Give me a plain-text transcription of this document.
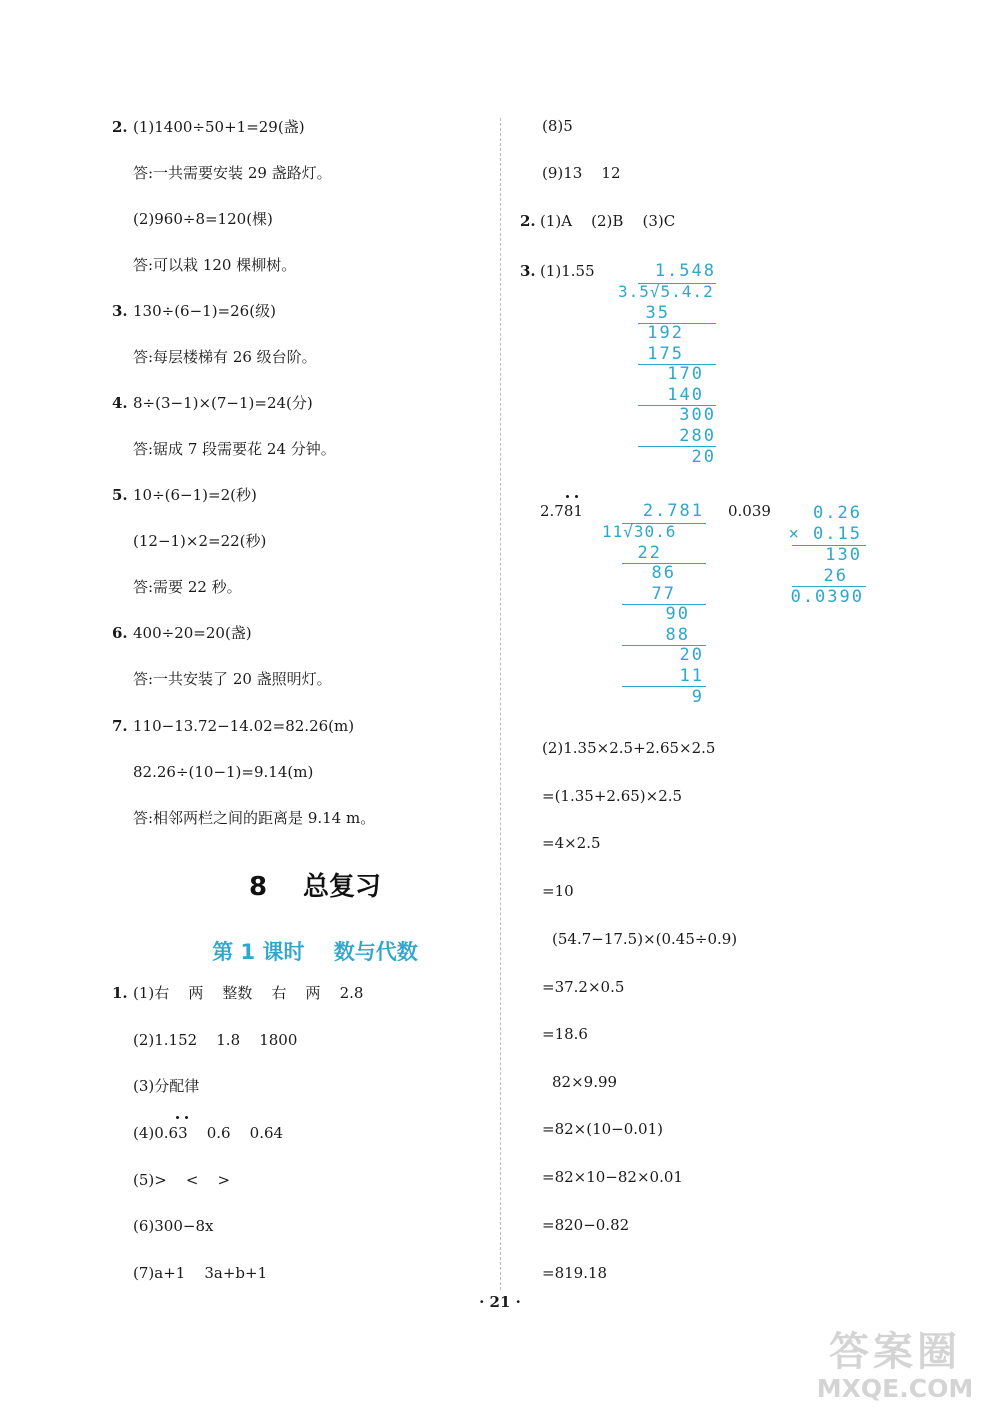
2. (1)1400÷50+1=29(盏)
答:一共需要安装 29 盏路灯。
(2)960÷8=120(棵)
答:可以栽 120 棵柳树。
3. 130÷(6−1)=26(级)
答:每层楼梯有 26 级台阶。
4. 8÷(3−1)×(7−1)=24(分)
答:锯成 7 段需要花 24 分钟。
5. 10÷(6−1)=2(秒)
(12−1)×2=22(秒)
答:需要 22 秒。
6. 400÷20=20(盏)
答:一共安装了 20 盏照明灯。
7. 110−13.72−14.02=82.26(m)
82.26÷(10−1)=9.14(m)
答:相邻两栏之间的距离是 9.14 m。
8 总复习
第 1 课时    数与代数
1. (1)右    两    整数    右    两    2.8
(2)1.152    1.8    1800
(3)分配律
(4)0.63    0.6    0.64
(5)>    <    >
(6)300−8x
(7)a+1    3a+b+1
(8)5
(9)13    12
2. (1)A    (2)B    (3)C
3. (1)1.55
2.781	0.039
(2)1.35×2.5+2.65×2.5
=(1.35+2.65)×2.5
=4×2.5
=10
(54.7−17.5)×(0.45÷0.9)
=37.2×0.5
=18.6
82×9.99
=82×(10−0.01)
=82×10−82×0.01
=820−0.82
=819.18
1.548
3.5√5.4.2
35
192
175
170
140
300
280
20
2.781
11√30.6
22
86
77
90
88
20
11
9
0.26
× 0.15
130
26
0.0390
· 21 ·
答案圈
MXQE.COM
